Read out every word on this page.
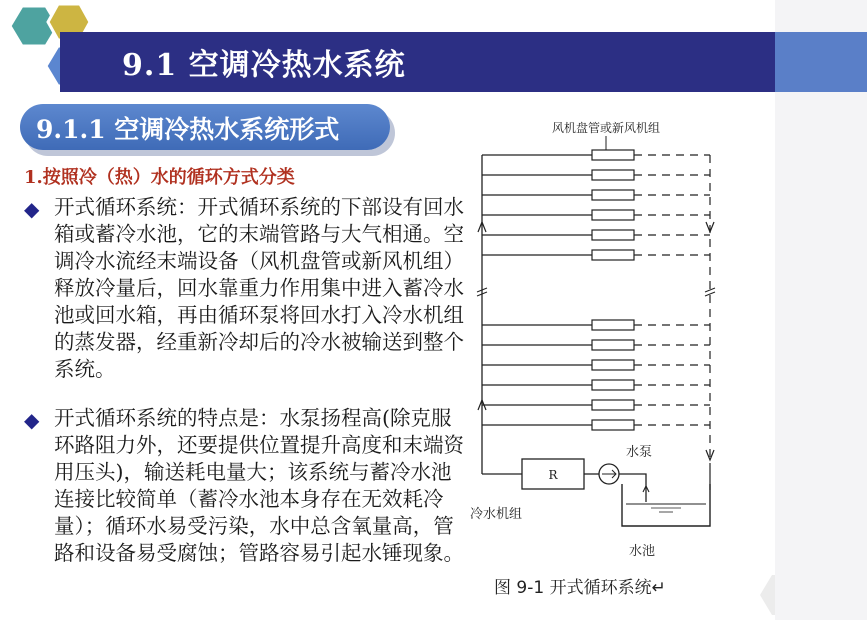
9.1 空调冷热水系统
9.1.1 空调冷热水系统形式
1.按照冷（热）水的循环方式分类
◆ 开式循环系统：开式循环系统的下部设有回水箱或蓄冷水池，它的末端管路与大气相通。空调冷水流经末端设备（风机盘管或新风机组）释放冷量后，回水靠重力作用集中进入蓄冷水池或回水箱，再由循环泵将回水打入冷水机组的蒸发器，经重新冷却后的冷水被输送到整个系统。
◆ 开式循环系统的特点是：水泵扬程高(除克服环路阻力外，还要提供位置提升高度和末端资用压头)，输送耗电量大；该系统与蓄冷水池连接比较简单（蓄冷水池本身存在无效耗冷量）；循环水易受污染，水中总含氧量高，管路和设备易受腐蚀；管路容易引起水锤现象。
风机盘管或新风机组
R
水泵
冷水机组
水池
图 9-1 开式循环系统↵
